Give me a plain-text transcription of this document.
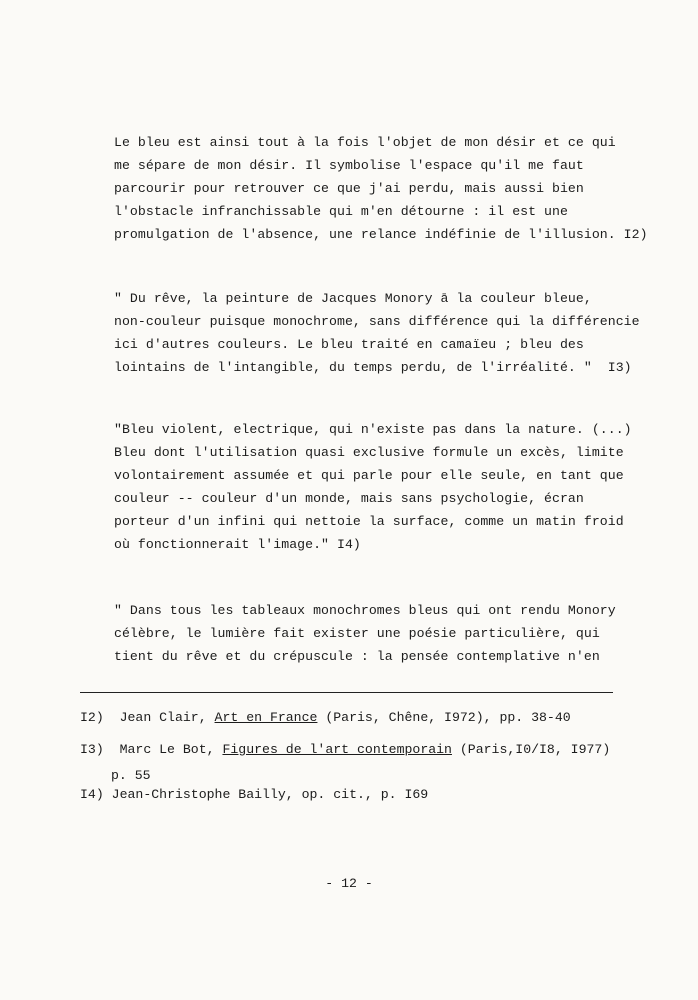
Le bleu est ainsi tout à la fois l'objet de mon désir et ce qui
me sépare de mon désir. Il symbolise l'espace qu'il me faut
parcourir pour retrouver ce que j'ai perdu, mais aussi bien
l'obstacle infranchissable qui m'en détourne : il est une
promulgation de l'absence, une relance indéfinie de l'illusion. I2)
" Du rêve, la peinture de Jacques Monory ā la couleur bleue,
non-couleur puisque monochrome, sans différence qui la différencie
ici d'autres couleurs. Le bleu traité en camaïeu ; bleu des
lointains de l'intangible, du temps perdu, de l'irréalité. "  I3)
"Bleu violent, electrique, qui n'existe pas dans la nature. (...)
Bleu dont l'utilisation quasi exclusive formule un excès, limite
volontairement assumée et qui parle pour elle seule, en tant que
couleur -- couleur d'un monde, mais sans psychologie, écran
porteur d'un infini qui nettoie la surface, comme un matin froid
où fonctionnerait l'image." I4)
" Dans tous les tableaux monochromes bleus qui ont rendu Monory
célèbre, le lumière fait exister une poésie particulière, qui
tient du rêve et du crépuscule : la pensée contemplative n'en
I2) Jean Clair, Art en France (Paris, Chêne, I972), pp. 38-40
I3) Marc Le Bot, Figures de l'art contemporain (Paris,I0/I8, I977)
p. 55
I4) Jean-Christophe Bailly, op. cit., p. I69
- 12 -
